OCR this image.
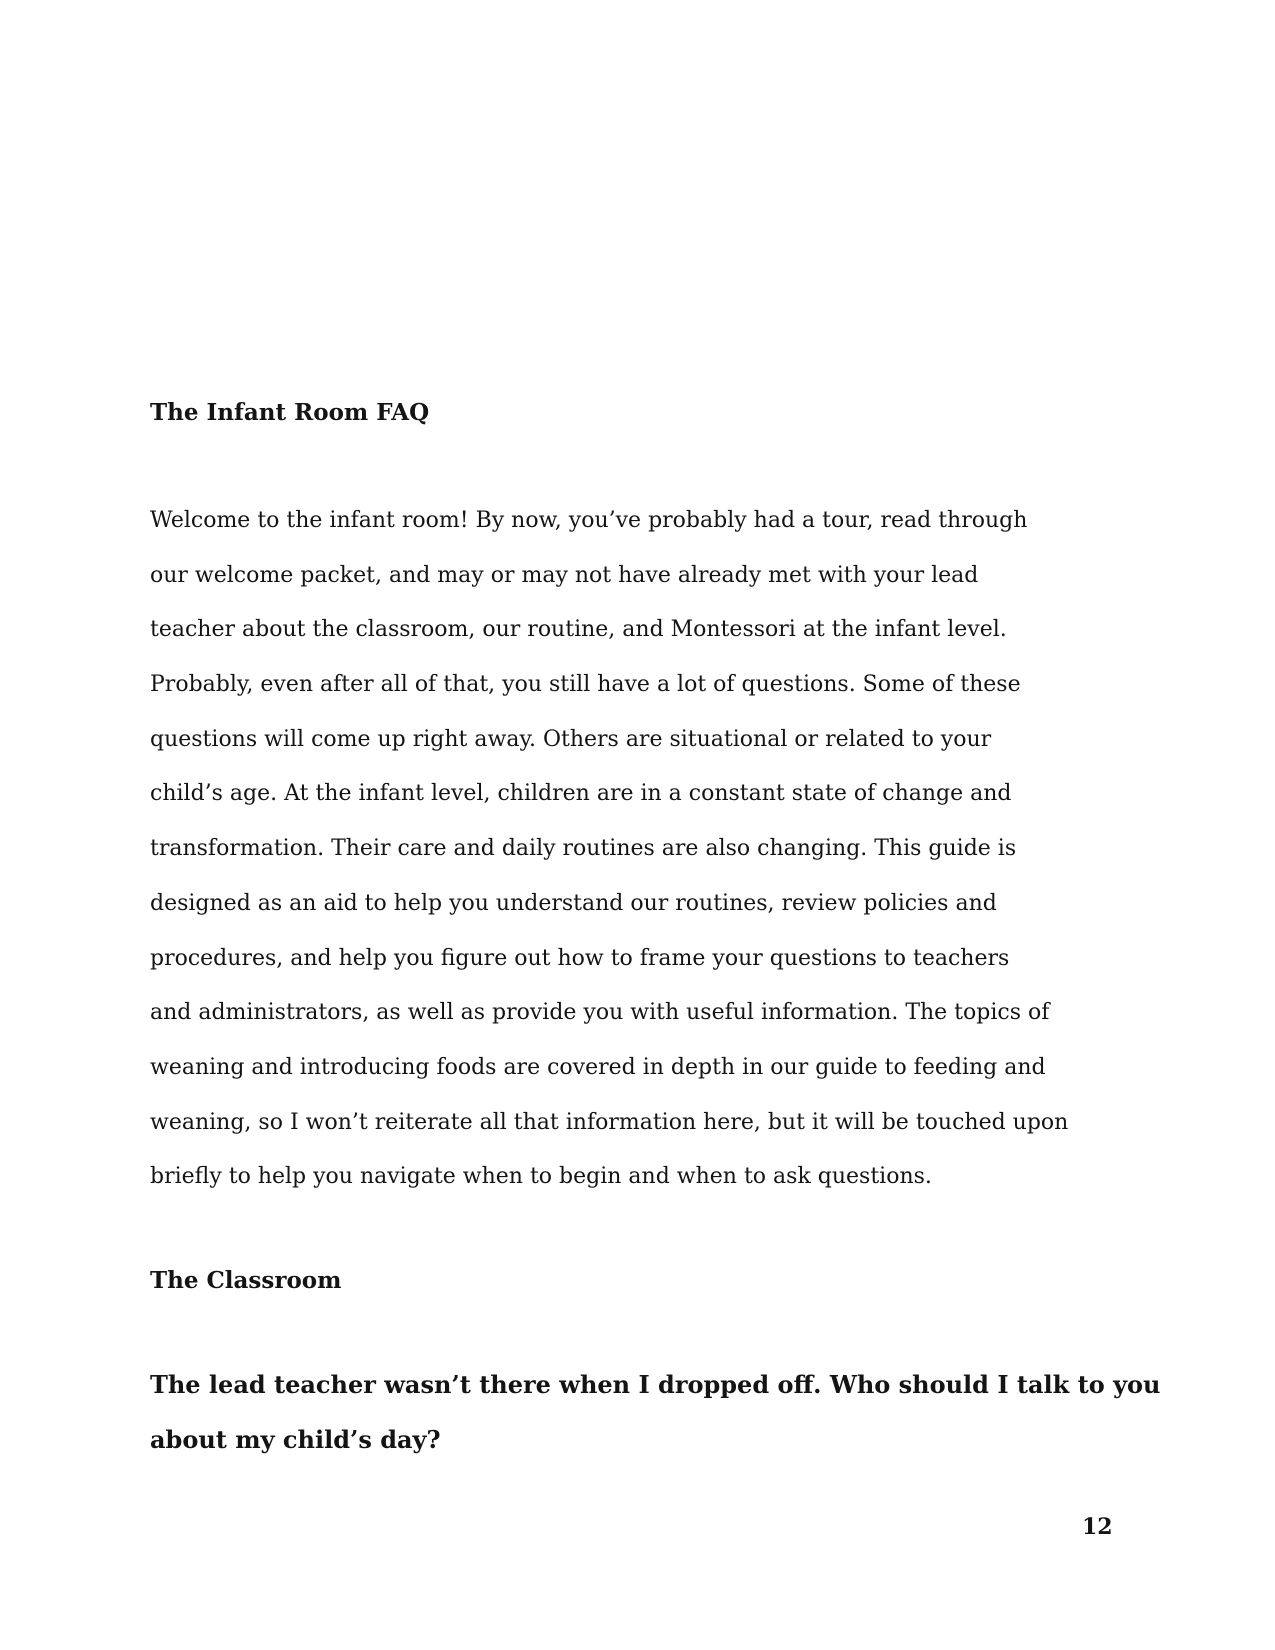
The Infant Room FAQ
Welcome to the infant room! By now, you’ve probably had a tour, read through
our welcome packet, and may or may not have already met with your lead
teacher about the classroom, our routine, and Montessori at the infant level.
Probably, even after all of that, you still have a lot of questions. Some of these
questions will come up right away. Others are situational or related to your
child’s age. At the infant level, children are in a constant state of change and
transformation. Their care and daily routines are also changing. This guide is
designed as an aid to help you understand our routines, review policies and
procedures, and help you figure out how to frame your questions to teachers
and administrators, as well as provide you with useful information. The topics of
weaning and introducing foods are covered in depth in our guide to feeding and
weaning, so I won’t reiterate all that information here, but it will be touched upon
briefly to help you navigate when to begin and when to ask questions.
The Classroom
The lead teacher wasn’t there when I dropped off. Who should I talk to you
about my child’s day?
12
